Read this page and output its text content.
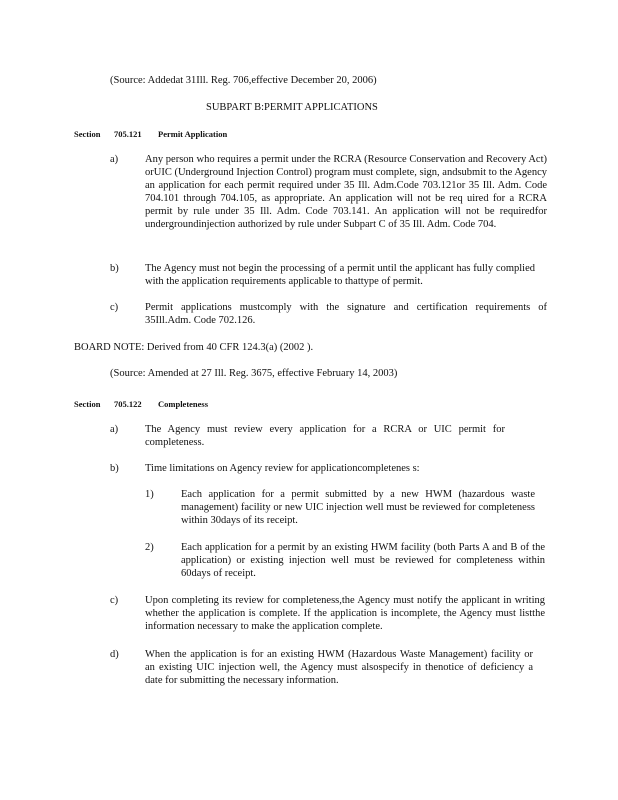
(Source: Addedat 31Ill. Reg. 706,effective December 20, 2006)
SUBPART B:PERMIT APPLICATIONS
Section 705.121 Permit Application
a)	Any person who requires a permit under the RCRA (Resource Conservation and Recovery Act) orUIC (Underground Injection Control) program must complete, sign, andsubmit to the Agency an application for each permit required under 35 Ill. Adm.Code 703.121or 35 Ill. Adm. Code 704.101 through 704.105, as appropriate. An application will not be req uired for a RCRA permit by rule under 35 Ill. Adm. Code 703.141. An application will not be requiredfor undergroundinjection authorized by rule under Subpart C of 35 Ill. Adm. Code 704.
b)	The Agency must not begin the processing of a permit until the applicant has fully complied with the application requirements applicable to thattype of permit.
c)	Permit applications mustcomply with the signature and certification requirements of 35Ill.Adm. Code 702.126.
BOARD NOTE: Derived from 40 CFR 124.3(a) (2002 ).
(Source: Amended at 27 Ill. Reg. 3675, effective February 14, 2003)
Section 705.122 Completeness
a)	The Agency must review every application for a RCRA or UIC permit for completeness.
b)	Time limitations on Agency review for applicationcompletenes s:
1)	Each application for a permit submitted by a new HWM (hazardous waste management) facility or new UIC injection well must be reviewed for completeness within 30days of its receipt.
2)	Each application for a permit by an existing HWM facility (both Parts A and B of the application) or existing injection well must be reviewed for completeness within 60days of receipt.
c)	Upon completing its review for completeness,the Agency must notify the applicant in writing whether the application is complete. If the application is incomplete, the Agency must listthe information necessary to make the application complete.
d)	When the application is for an existing HWM (Hazardous Waste Management) facility or an existing UIC injection well, the Agency must alsospecify in thenotice of deficiency a date for submitting the necessary information.
